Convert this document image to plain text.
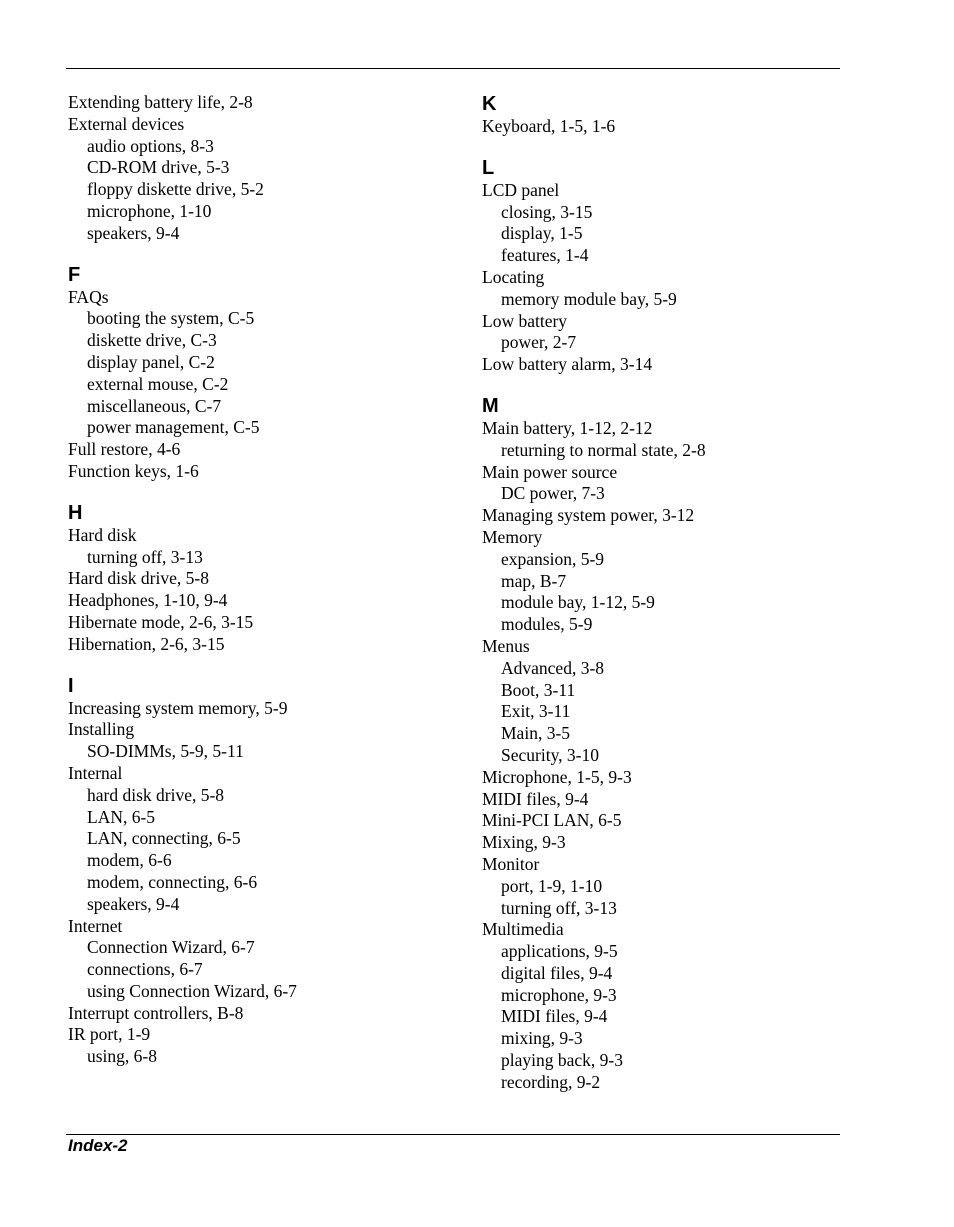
Extending battery life, 2-8
External devices
audio options, 8-3
CD-ROM drive, 5-3
floppy diskette drive, 5-2
microphone, 1-10
speakers, 9-4
F
FAQs
booting the system, C-5
diskette drive, C-3
display panel, C-2
external mouse, C-2
miscellaneous, C-7
power management, C-5
Full restore, 4-6
Function keys, 1-6
H
Hard disk
turning off, 3-13
Hard disk drive, 5-8
Headphones, 1-10, 9-4
Hibernate mode, 2-6, 3-15
Hibernation, 2-6, 3-15
I
Increasing system memory, 5-9
Installing
SO-DIMMs, 5-9, 5-11
Internal
hard disk drive, 5-8
LAN, 6-5
LAN, connecting, 6-5
modem, 6-6
modem, connecting, 6-6
speakers, 9-4
Internet
Connection Wizard, 6-7
connections, 6-7
using Connection Wizard, 6-7
Interrupt controllers, B-8
IR port, 1-9
using, 6-8
K
Keyboard, 1-5, 1-6
L
LCD panel
closing, 3-15
display, 1-5
features, 1-4
Locating
memory module bay, 5-9
Low battery
power, 2-7
Low battery alarm, 3-14
M
Main battery, 1-12, 2-12
returning to normal state, 2-8
Main power source
DC power, 7-3
Managing system power, 3-12
Memory
expansion, 5-9
map, B-7
module bay, 1-12, 5-9
modules, 5-9
Menus
Advanced, 3-8
Boot, 3-11
Exit, 3-11
Main, 3-5
Security, 3-10
Microphone, 1-5, 9-3
MIDI files, 9-4
Mini-PCI LAN, 6-5
Mixing, 9-3
Monitor
port, 1-9, 1-10
turning off, 3-13
Multimedia
applications, 9-5
digital files, 9-4
microphone, 9-3
MIDI files, 9-4
mixing, 9-3
playing back, 9-3
recording, 9-2
Index-2
